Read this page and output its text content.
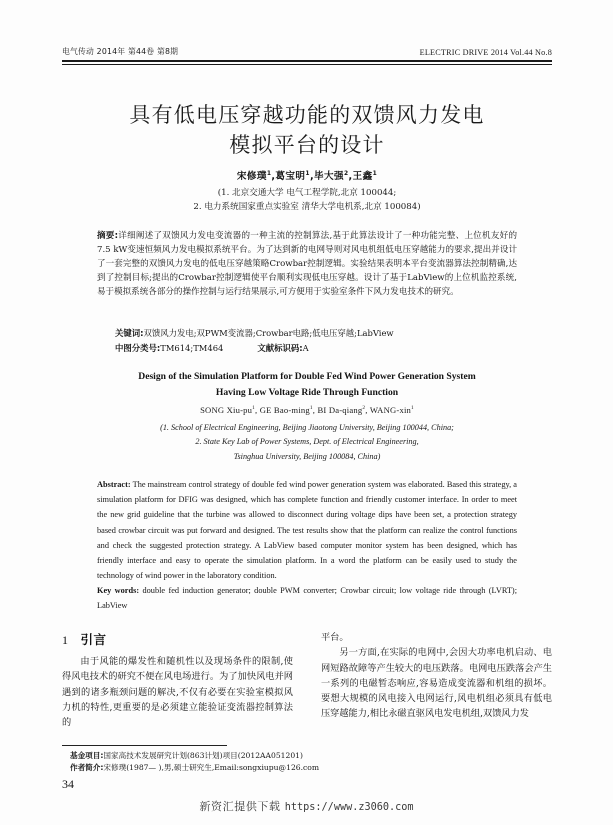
电气传动 2014年 第44卷 第8期	ELECTRIC DRIVE 2014 Vol.44 No.8
具有低电压穿越功能的双馈风力发电
模拟平台的设计
宋修璞$^1$,葛宝明$^1$,毕大强$^2$,王鑫$^1$
(1. 北京交通大学 电气工程学院,北京 100044;
2. 电力系统国家重点实验室 清华大学电机系,北京 100084)
摘要:详细阐述了双馈风力发电变流器的一种主流的控制算法,基于此算法设计了一种功能完整、上位机友好的7.5 kW变速恒频风力发电模拟系统平台。为了达到新的电网导则对风电机组低电压穿越能力的要求,提出并设计了一套完整的双馈风力发电的低电压穿越策略Crowbar控制逻辑。实验结果表明本平台变流器算法控制精确,达到了控制目标;提出的Crowbar控制逻辑使平台顺利实现低电压穿越。设计了基于LabView的上位机监控系统,易于模拟系统各部分的操作控制与运行结果展示,可方便用于实验室条件下风力发电技术的研究。
关键词:双馈风力发电;双PWM变流器;Crowbar电路;低电压穿越;LabView
中图分类号:TM614;TM464	文献标识码:A
Design of the Simulation Platform for Double Fed Wind Power Generation System
Having Low Voltage Ride Through Function
SONG Xiu-$pu^1$, GE Bao-ming$^1$, BI Da-qiang$^2$, WANG-xin$^1$
(1. School of Electrical Engineering, Beijing Jiaotong University, Beijing 100044, China;
2. State Key Lab of Power Systems, Dept. of Electrical Engineering,
Tsinghua University, Beijing 100084, China)
Abstract: The mainstream control strategy of double fed wind power generation system was elaborated. Based this strategy, a simulation platform for DFIG was designed, which has complete function and friendly customer interface. In order to meet the new grid guideline that the turbine was allowed to disconnect during voltage dips have been set, a protection strategy based crowbar circuit was put forward and designed. The test results show that the platform can realize the control functions and check the suggested protection strategy. A LabView based computer monitor system has been designed, which has friendly interface and easy to operate the simulation platform. In a word the platform can be easily used to study the technology of wind power in the laboratory condition.
Key words: double fed induction generator; double PWM converter; Crowbar circuit; low voltage ride through (LVRT); LabView
1 引言

由于风能的爆发性和随机性以及现场条件的限制,使得风电技术的研究不便在风电场进行。为了加快风电并网遇到的诸多瓶颈问题的解决,不仅有必要在实验室模拟风力机的特性,更重要的是必须建立能验证变流器控制算法的

平台。

另一方面,在实际的电网中,会因大功率电机启动、电网短路故障等产生较大的电压跌落。电网电压跌落会产生一系列的电磁暂态响应,容易造成变流器和机组的损坏。要想大规模的风电接入电网运行,风电机组必须具有低电压穿越能力,相比永磁直驱风电发电机组,双馈风力发

基金项目:国家高技术发展研究计划(863计划)项目(2012AA051201)
作者简介:宋修璞(1987— ),男,硕士研究生,Email:songxiupu@126.com
34
新资汇提供下载 https://www.z3060.com
